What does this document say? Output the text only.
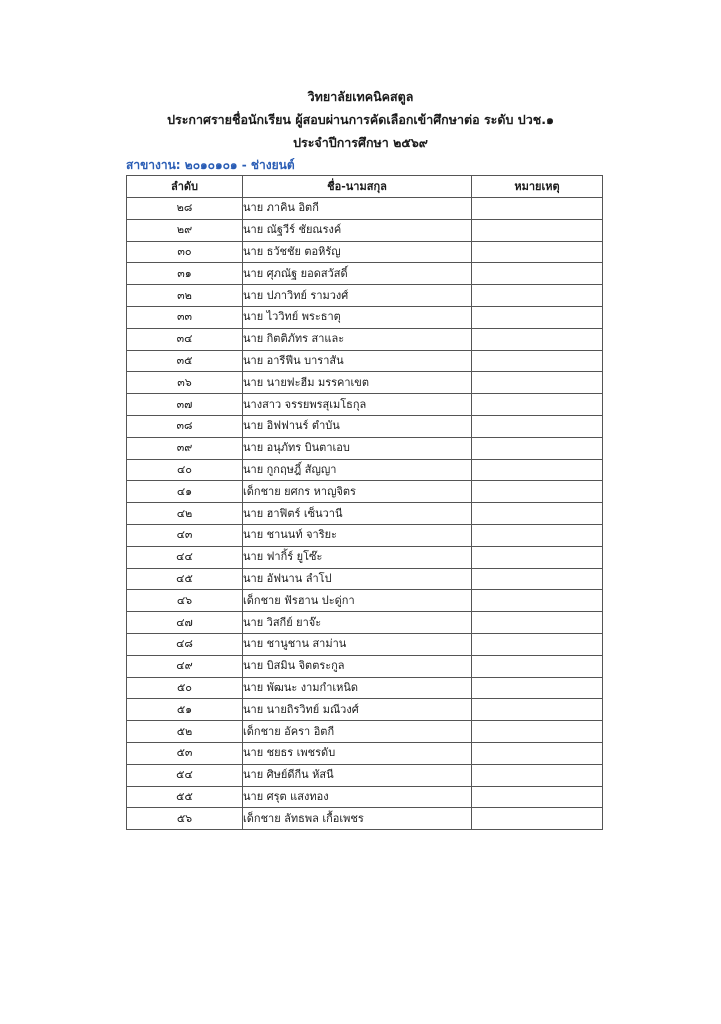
วิทยาลัยเทคนิคสตูล
ประกาศรายชื่อนักเรียน ผู้สอบผ่านการคัดเลือกเข้าศึกษาต่อ ระดับ ปวช.๑
ประจำปีการศึกษา ๒๕๖๙
สาขางาน: ๒๐๑๐๑๐๑ - ช่างยนต์
ลำดับ	ชื่อ-นามสกุล	หมายเหตุ
๒๘	นาย ภาคิน อิตกี	
๒๙	นาย ณัฐวีร์ ชัยณรงค์	
๓๐	นาย ธวัชชัย ตอหิรัญ	
๓๑	นาย ศุภณัฐ ยอดสวัสดิ์	
๓๒	นาย ปภาวิทย์ รามวงศ์	
๓๓	นาย ไววิทย์ พระธาตุ	
๓๔	นาย กิตติภัทร สาและ	
๓๕	นาย อารีฟีน บาราสัน	
๓๖	นาย นายฟะฮีม มรรคาเขต	
๓๗	นางสาว จรรยพรสุเมโธกุล	
๓๘	นาย อิฟฟานร์ ตำบัน	
๓๙	นาย อนุภัทร บินตาเอบ	
๔๐	นาย กูกฤษฎิ์ สัญญา	
๔๑	เด็กชาย ยศกร หาญจิตร	
๔๒	นาย ฮาฟิตร์ เซ็นวานี	
๔๓	นาย ชานนท์ จาริยะ	
๔๔	นาย ฟากิ้ร์ ยูโซ๊ะ	
๔๕	นาย อัฟนาน ลำโป	
๔๖	เด็กชาย ฟัรฮาน ปะดู่กา	
๔๗	นาย วิสกีย์ ยาจ๊ะ	
๔๘	นาย ชานูชาน สาม่าน	
๔๙	นาย บิสมิน จิตตระกูล	
๕๐	นาย พัฒนะ งามกำเหนิด	
๕๑	นาย นายถิรวิทย์ มณีวงศ์	
๕๒	เด็กชาย อัครา อิตกี	
๕๓	นาย ชยธร เพชรดับ	
๕๔	นาย ศิษย์ดีกีน หัสนี	
๕๕	นาย ศรุต แสงทอง	
๕๖	เด็กชาย ลัทธพล เกื้อเพชร	
